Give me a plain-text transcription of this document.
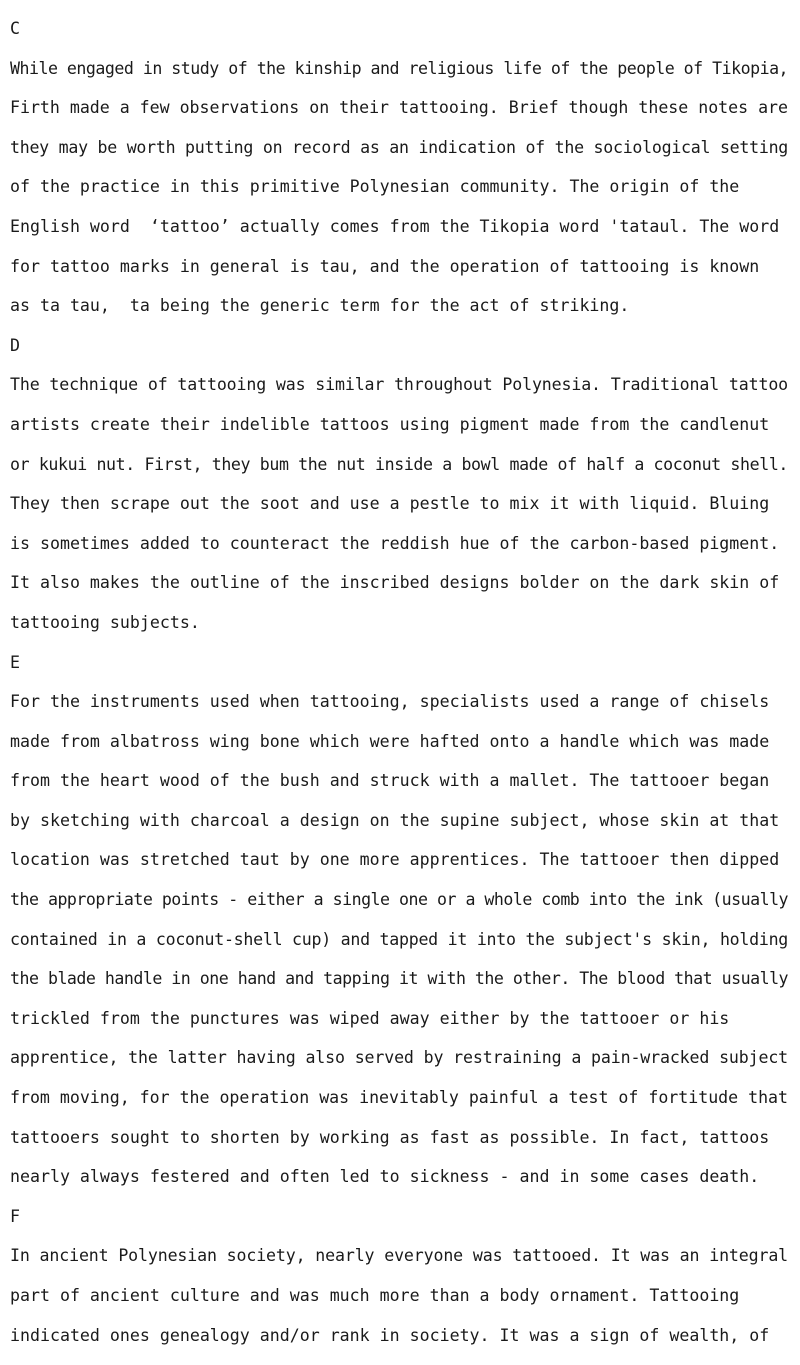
C
While engaged in study of the kinship and religious life of the people of Tikopia,
Firth made a few observations on their tattooing. Brief though these notes are
they may be worth putting on record as an indication of the sociological setting
of the practice in this primitive Polynesian community. The origin of the
English word  ‘tattoo’ actually comes from the Tikopia word 'tataul. The word
for tattoo marks in general is tau, and the operation of tattooing is known
as ta tau,  ta being the generic term for the act of striking.
D
The technique of tattooing was similar throughout Polynesia. Traditional tattoo
artists create their indelible tattoos using pigment made from the candlenut
or kukui nut. First, they bum the nut inside a bowl made of half a coconut shell.
They then scrape out the soot and use a pestle to mix it with liquid. Bluing
is sometimes added to counteract the reddish hue of the carbon-based pigment.
It also makes the outline of the inscribed designs bolder on the dark skin of
tattooing subjects.
E
For the instruments used when tattooing, specialists used a range of chisels
made from albatross wing bone which were hafted onto a handle which was made
from the heart wood of the bush and struck with a mallet. The tattooer began
by sketching with charcoal a design on the supine subject, whose skin at that
location was stretched taut by one more apprentices. The tattooer then dipped
the appropriate points - either a single one or a whole comb into the ink (usually
contained in a coconut-shell cup) and tapped it into the subject's skin, holding
the blade handle in one hand and tapping it with the other. The blood that usually
trickled from the punctures was wiped away either by the tattooer or his
apprentice, the latter having also served by restraining a pain-wracked subject
from moving, for the operation was inevitably painful a test of fortitude that
tattooers sought to shorten by working as fast as possible. In fact, tattoos
nearly always festered and often led to sickness - and in some cases death.
F
In ancient Polynesian society, nearly everyone was tattooed. It was an integral
part of ancient culture and was much more than a body ornament. Tattooing
indicated ones genealogy and/or rank in society. It was a sign of wealth, of
